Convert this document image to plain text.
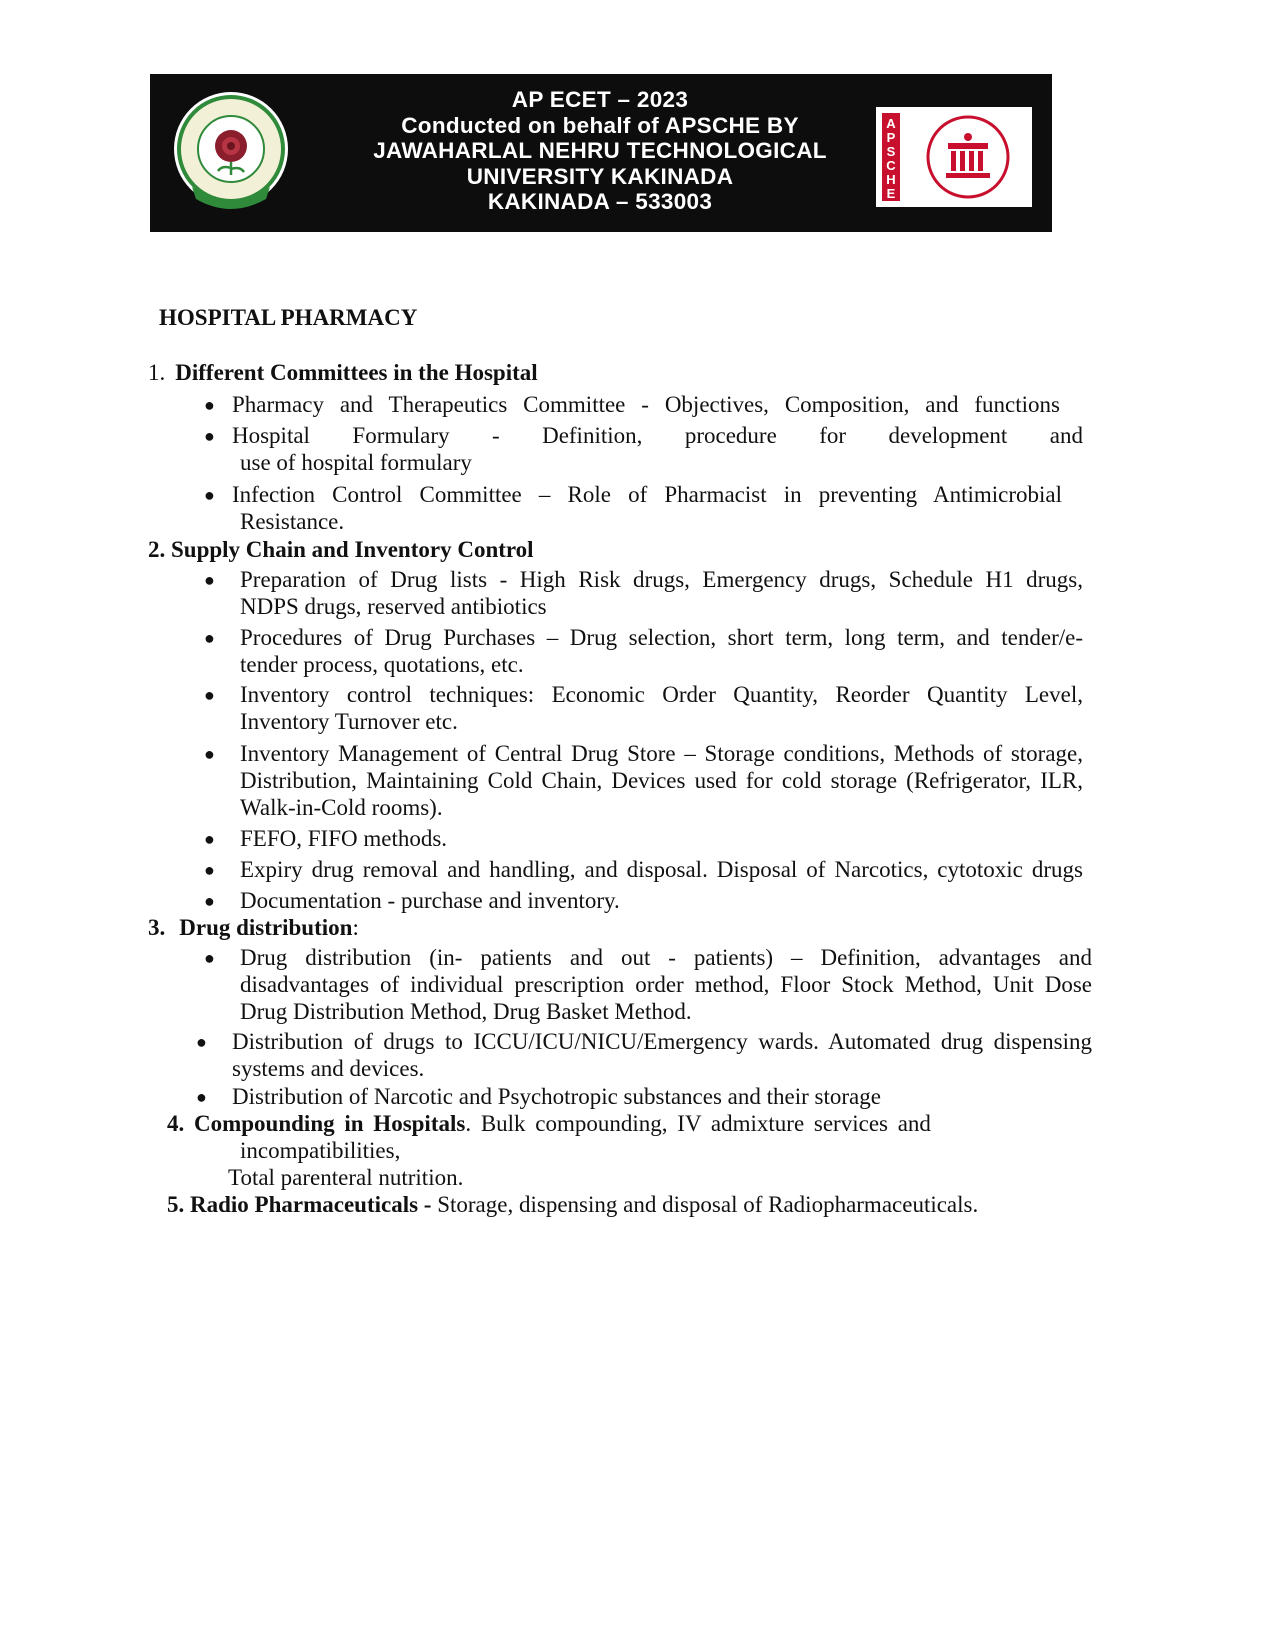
AP ECET – 2023
Conducted on behalf of APSCHE BY
JAWAHARLAL NEHRU TECHNOLOGICAL
UNIVERSITY KAKINADA
KAKINADA – 533003
A
P
S
C
H
E
HOSPITAL PHARMACY
1. Different Committees in the Hospital
● Pharmacy and Therapeutics Committee - Objectives, Composition, and functions
● Hospital Formulary - Definition, procedure for development and
use of hospital formulary
● Infection Control Committee – Role of Pharmacist in preventing Antimicrobial
Resistance.
2. Supply Chain and Inventory Control
● Preparation of Drug lists - High Risk drugs, Emergency drugs, Schedule H1 drugs,
NDPS drugs, reserved antibiotics
● Procedures of Drug Purchases – Drug selection, short term, long term, and tender/e-
tender process, quotations, etc.
● Inventory control techniques: Economic Order Quantity, Reorder Quantity Level,
Inventory Turnover etc.
● Inventory Management of Central Drug Store – Storage conditions, Methods of storage,
Distribution, Maintaining Cold Chain, Devices used for cold storage (Refrigerator, ILR,
Walk-in-Cold rooms).
● FEFO, FIFO methods.
● Expiry drug removal and handling, and disposal. Disposal of Narcotics, cytotoxic drugs
● Documentation - purchase and inventory.
3. Drug distribution:
● Drug distribution (in- patients and out - patients) – Definition, advantages and
disadvantages of individual prescription order method, Floor Stock Method, Unit Dose
Drug Distribution Method, Drug Basket Method.
● Distribution of drugs to ICCU/ICU/NICU/Emergency wards. Automated drug dispensing
systems and devices.
● Distribution of Narcotic and Psychotropic substances and their storage
4. Compounding in Hospitals. Bulk compounding, IV admixture services and
incompatibilities,
Total parenteral nutrition.
5. Radio Pharmaceuticals - Storage, dispensing and disposal of Radiopharmaceuticals.
